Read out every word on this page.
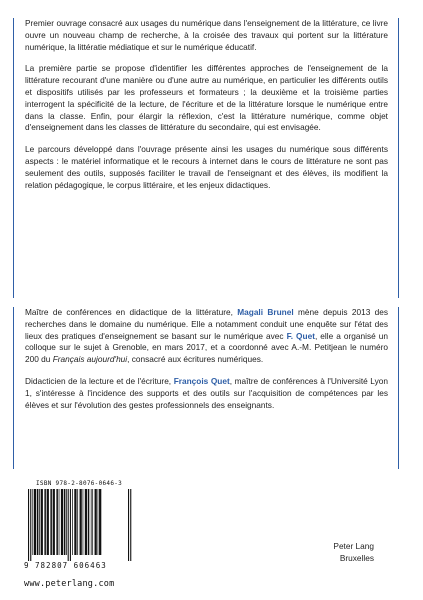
Premier ouvrage consacré aux usages du numérique dans l'enseignement de la littérature, ce livre ouvre un nouveau champ de recherche, à la croisée des travaux qui portent sur la littérature numérique, la littératie médiatique et sur le numérique éducatif.

La première partie se propose d'identifier les différentes approches de l'enseignement de la littérature recourant d'une manière ou d'une autre au numérique, en particulier les différents outils et dispositifs utilisés par les professeurs et formateurs ; la deuxième et la troisième parties interrogent la spécificité de la lecture, de l'écriture et de la littérature lorsque le numérique entre dans la classe. Enfin, pour élargir la réflexion, c'est la littérature numérique, comme objet d'enseignement dans les classes de littérature du secondaire, qui est envisagée.

Le parcours développé dans l'ouvrage présente ainsi les usages du numérique sous différents aspects : le matériel informatique et le recours à internet dans le cours de littérature ne sont pas seulement des outils, supposés faciliter le travail de l'enseignant et des élèves, ils modifient la relation pédagogique, le corpus littéraire, et les enjeux didactiques.

Maître de conférences en didactique de la littérature, Magali Brunel mène depuis 2013 des recherches dans le domaine du numérique. Elle a notamment conduit une enquête sur l'état des lieux des pratiques d'enseignement se basant sur le numérique avec F. Quet, elle a organisé un colloque sur le sujet à Grenoble, en mars 2017, et a coordonné avec A.-M. Petitjean le numéro 200 du Français aujourd'hui, consacré aux écritures numériques.

Didacticien de la lecture et de l'écriture, François Quet, maître de conférences à l'Université Lyon 1, s'intéresse à l'incidence des supports et des outils sur l'acquisition de compétences par les élèves et sur l'évolution des gestes professionnels des enseignants.

ISBN 978-2-8076-0646-3
9 782807 606463
www.peterlang.com
Peter Lang
Bruxelles
